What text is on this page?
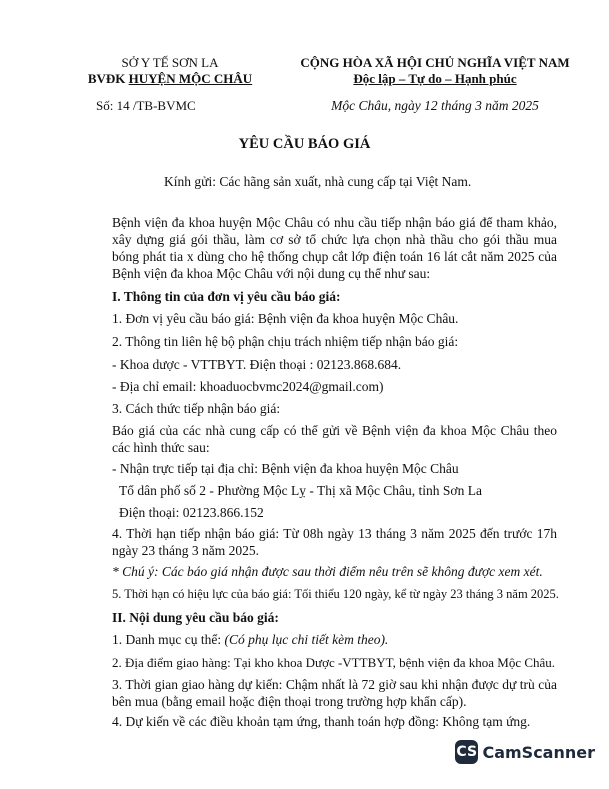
SỞ Y TẾ SƠN LA
BVĐK HUYỆN MỘC CHÂU
Số: 14 /TB-BVMC
CỘNG HÒA XÃ HỘI CHỦ NGHĨA VIỆT NAM
Độc lập – Tự do – Hạnh phúc
Mộc Châu, ngày 12 tháng 3 năm 2025
YÊU CẦU BÁO GIÁ
Kính gửi: Các hãng sản xuất, nhà cung cấp tại Việt Nam.
Bệnh viện đa khoa huyện Mộc Châu có nhu cầu tiếp nhận báo giá để tham khảo, xây dựng giá gói thầu, làm cơ sở tổ chức lựa chọn nhà thầu cho gói thầu mua bóng phát tia x dùng cho hệ thống chụp cắt lớp điện toán 16 lát cắt năm 2025 của Bệnh viện đa khoa Mộc Châu với nội dung cụ thể như sau:
I. Thông tin của đơn vị yêu cầu báo giá:
1. Đơn vị yêu cầu báo giá: Bệnh viện đa khoa huyện Mộc Châu.
2. Thông tin liên hệ bộ phận chịu trách nhiệm tiếp nhận báo giá:
- Khoa dược - VTTBYT. Điện thoại : 02123.868.684.
- Địa chỉ email: khoaduocbvmc2024@gmail.com)
3. Cách thức tiếp nhận báo giá:
Báo giá của các nhà cung cấp có thể gửi về Bệnh viện đa khoa Mộc Châu theo các hình thức sau:
- Nhận trực tiếp tại địa chỉ: Bệnh viện đa khoa huyện Mộc Châu
Tổ dân phố số 2 - Phường Mộc Lỵ - Thị xã Mộc Châu, tỉnh Sơn La
Điện thoại: 02123.866.152
4. Thời hạn tiếp nhận báo giá: Từ 08h ngày 13 tháng 3 năm 2025 đến trước 17h ngày 23 tháng 3 năm 2025.
* Chú ý: Các báo giá nhận được sau thời điểm nêu trên sẽ không được xem xét.
5. Thời hạn có hiệu lực của báo giá: Tối thiểu 120 ngày, kể từ ngày 23 tháng 3 năm 2025.
II. Nội dung yêu cầu báo giá:
1. Danh mục cụ thể: (Có phụ lục chi tiết kèm theo).
2. Địa điểm giao hàng: Tại kho khoa Dược -VTTBYT, bệnh viện đa khoa Mộc Châu.
3. Thời gian giao hàng dự kiến: Chậm nhất là 72 giờ sau khi nhận được dự trù của bên mua (bằng email hoặc điện thoại trong trường hợp khẩn cấp).
4. Dự kiến về các điều khoản tạm ứng, thanh toán hợp đồng: Không tạm ứng.
CS CamScanner
